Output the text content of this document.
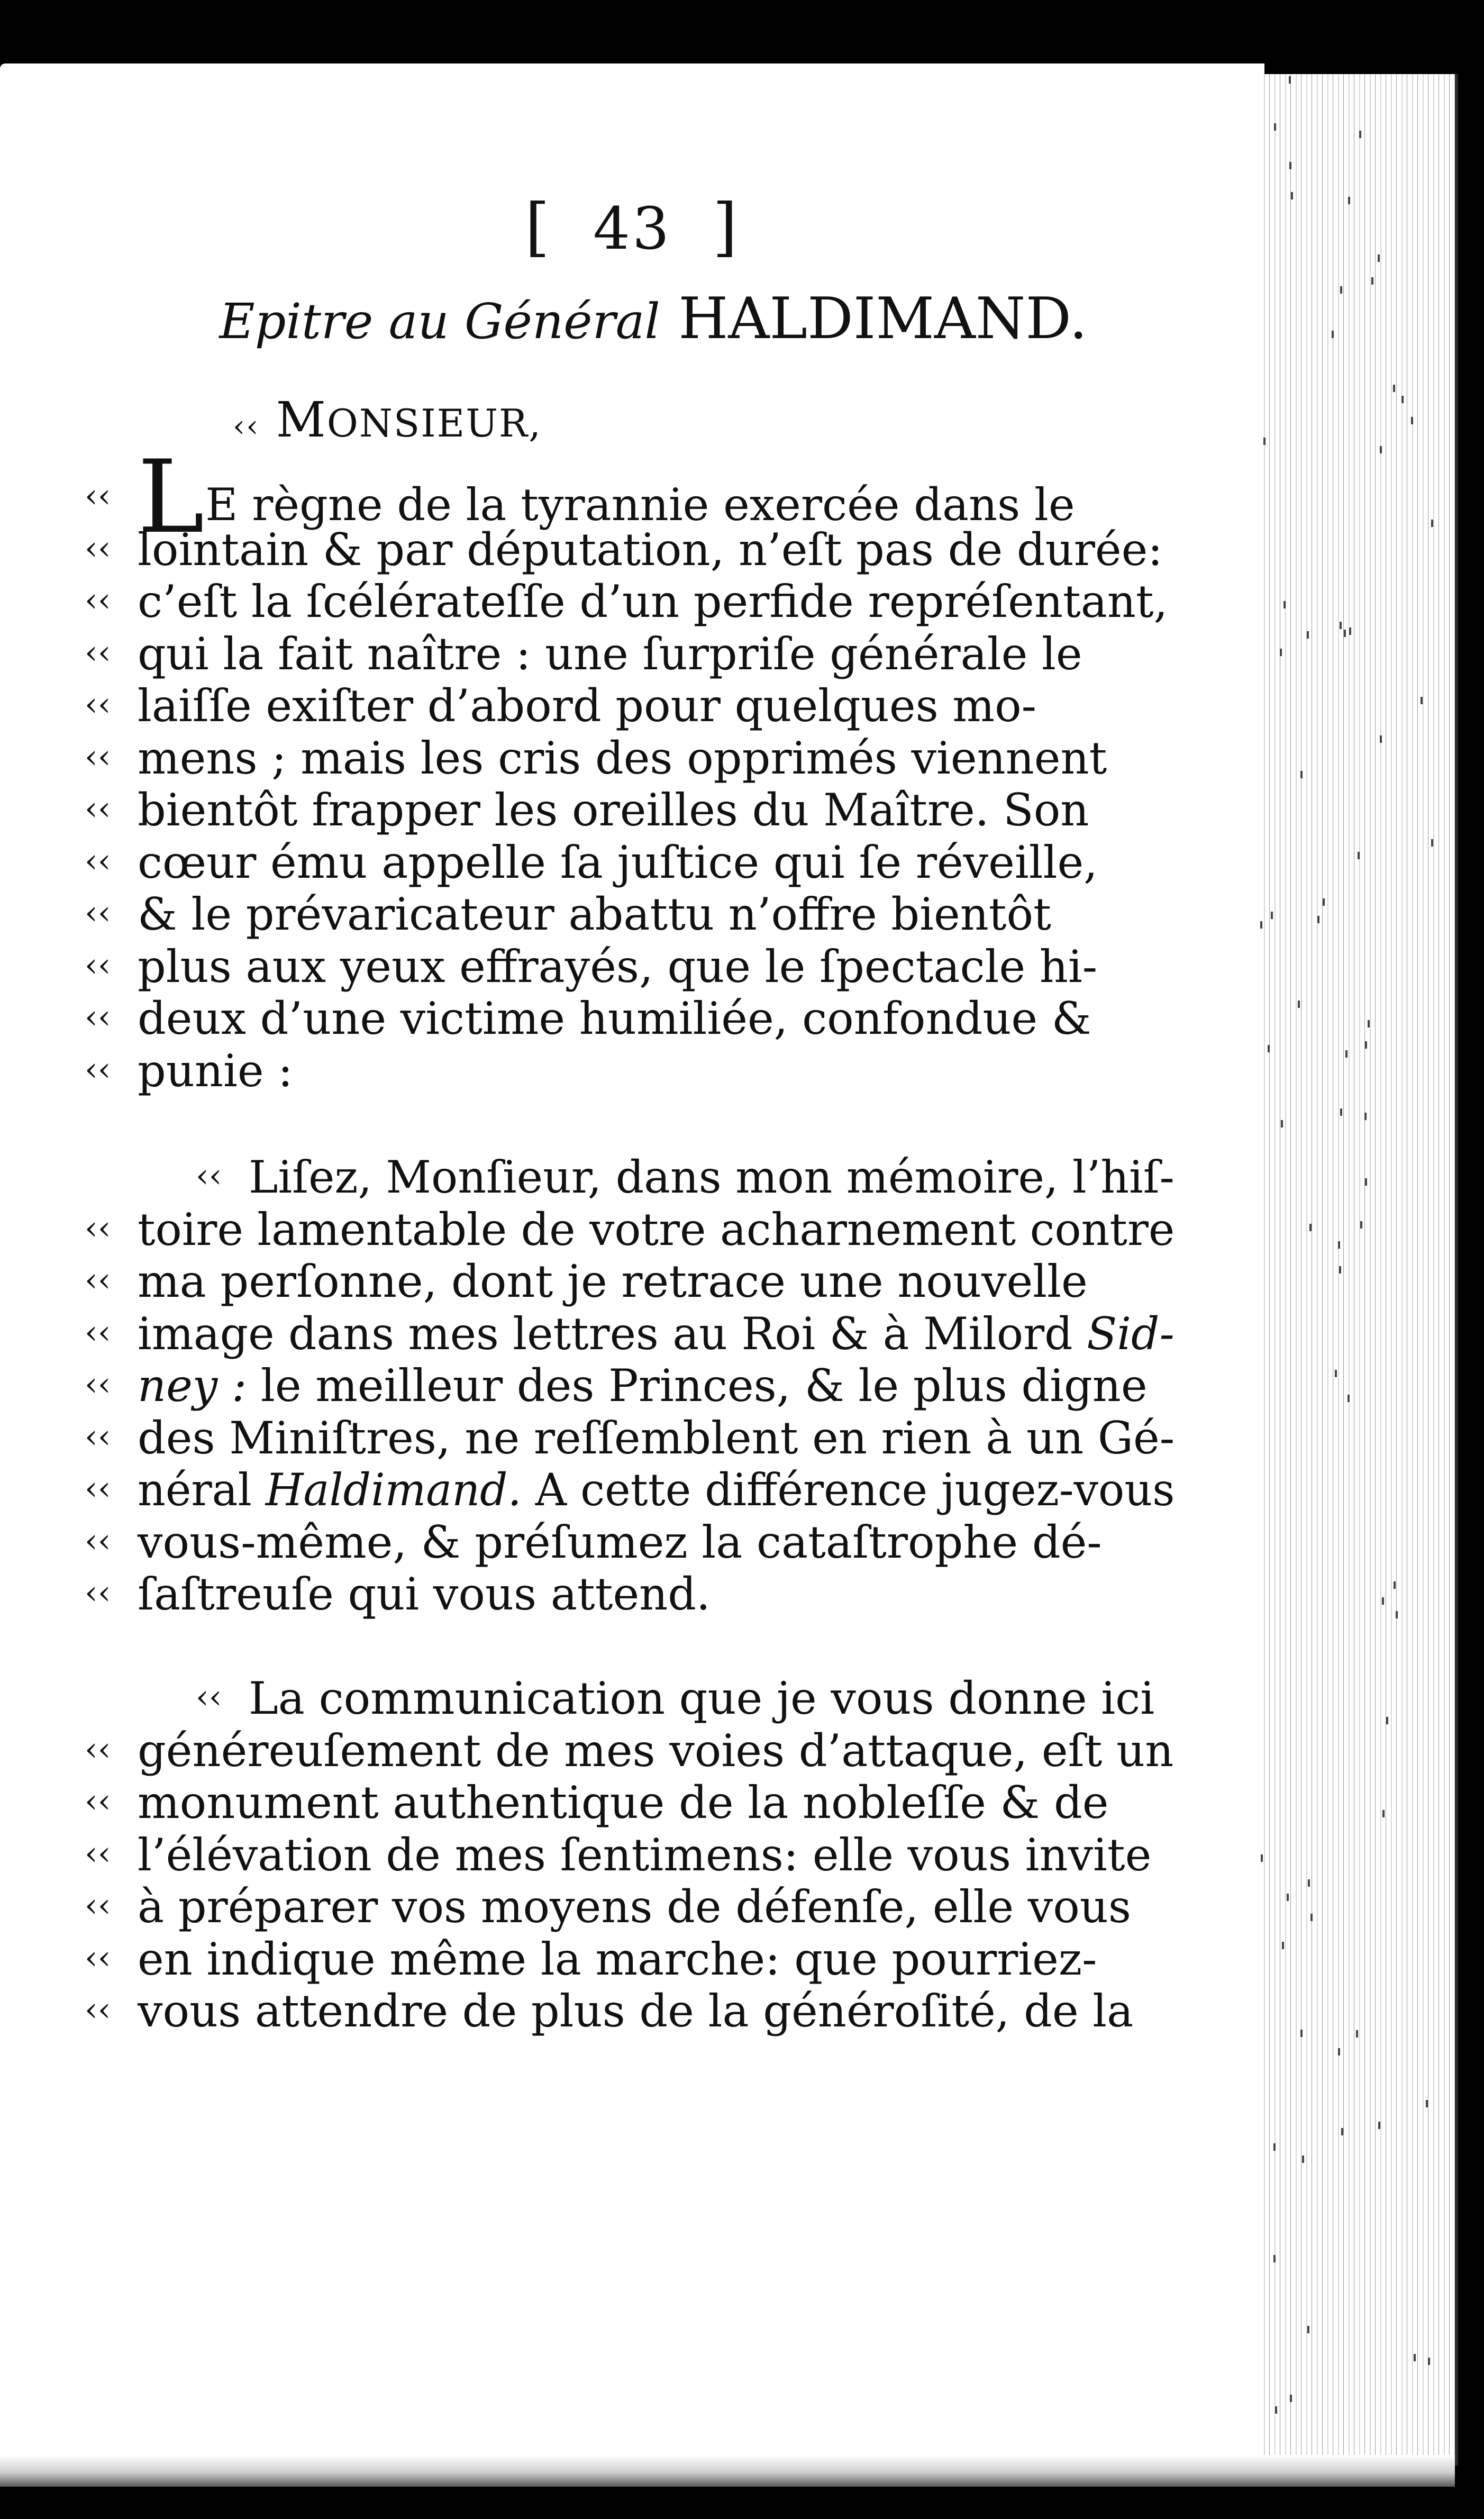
[ 43 ]
Epitre au Général HALDIMAND.
‹‹ MONSIEUR,
‹‹ LE règne de la tyrannie exercée dans le
‹‹ lointain & par députation, n’eſt pas de durée:
‹‹ c’eſt la ſcélérateſſe d’un perfide repréſentant,
‹‹ qui la fait naître : une ſurpriſe générale le
‹‹ laiſſe exiſter d’abord pour quelques mo-
‹‹ mens ; mais les cris des opprimés viennent
‹‹ bientôt frapper les oreilles du Maître. Son
‹‹ cœur ému appelle ſa juſtice qui ſe réveille,
‹‹ & le prévaricateur abattu n’offre bientôt
‹‹ plus aux yeux effrayés, que le ſpectacle hi-
‹‹ deux d’une victime humiliée, confondue &
‹‹ punie :
‹‹ Liſez, Monſieur, dans mon mémoire, l’hiſ-
‹‹ toire lamentable de votre acharnement contre
‹‹ ma perſonne, dont je retrace une nouvelle
‹‹ image dans mes lettres au Roi & à Milord Sid-
‹‹ ney : le meilleur des Princes, & le plus digne
‹‹ des Miniſtres, ne reſſemblent en rien à un Gé-
‹‹ néral Haldimand. A cette différence jugez-vous
‹‹ vous-même, & préſumez la cataſtrophe dé-
‹‹ ſaſtreuſe qui vous attend.
‹‹ La communication que je vous donne ici
‹‹ généreuſement de mes voies d’attaque, eſt un
‹‹ monument authentique de la nobleſſe & de
‹‹ l’élévation de mes ſentimens: elle vous invite
‹‹ à préparer vos moyens de défenſe, elle vous
‹‹ en indique même la marche: que pourriez-
‹‹ vous attendre de plus de la généroſité, de la
